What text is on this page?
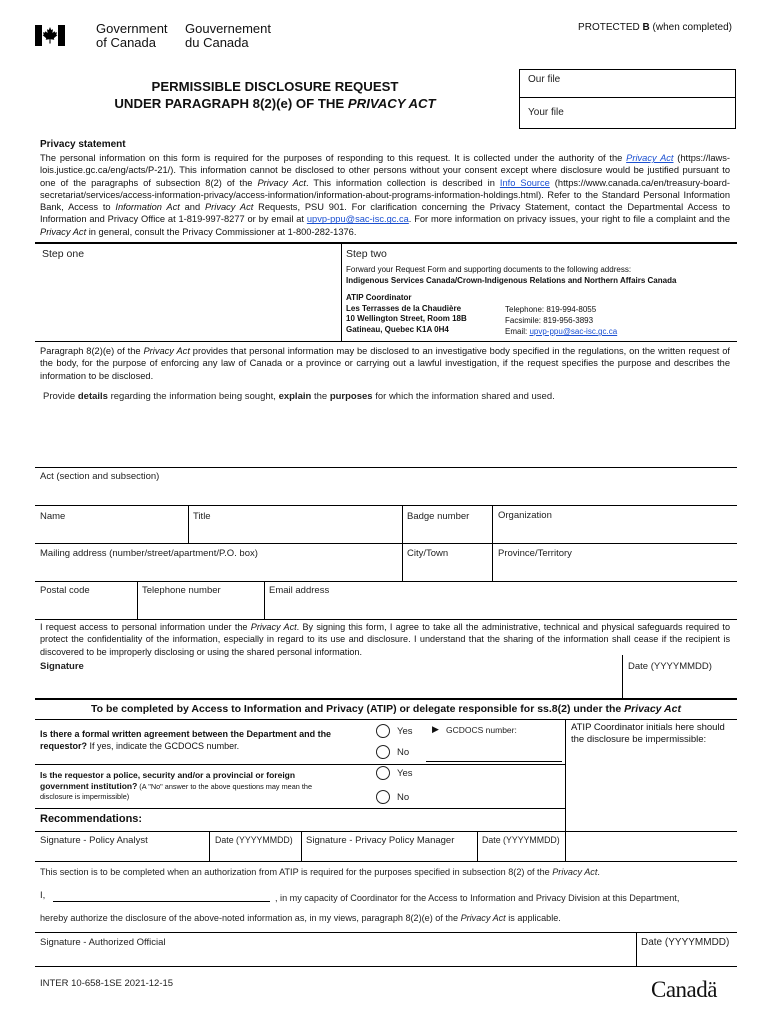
Government
of Canada
Gouvernement
du Canada
PROTECTED B (when completed)
PERMISSIBLE DISCLOSURE REQUEST
UNDER PARAGRAPH 8(2)(e) OF THE PRIVACY ACT
Our file
Your file
Privacy statement
The personal information on this form is required for the purposes of responding to this request. It is collected under the authority of the Privacy Act (https://laws-lois.justice.gc.ca/eng/acts/P-21/). This information cannot be disclosed to other persons without your consent except where disclosure would be justified pursuant to one of the paragraphs of subsection 8(2) of the Privacy Act. This information collection is described in Info Source (https://www.canada.ca/en/treasury-board-secretariat/services/access-information-privacy/access-information/information-about-programs-information-holdings.html). Refer to the Standard Personal Information Bank, Access to Information Act and Privacy Act Requests, PSU 901. For clarification concerning the Privacy Statement, contact the Departmental Access to Information and Privacy Office at 1-819-997-8277 or by email at upvp-ppu@sac-isc.gc.ca. For more information on privacy issues, your right to file a complaint and the Privacy Act in general, consult the Privacy Commissioner at 1-800-282-1376.
Step one	Step two
Forward your Request Form and supporting documents to the following address:
Indigenous Services Canada/Crown-Indigenous Relations and Northern Affairs Canada
ATIP Coordinator
Les Terrasses de la Chaudière
10 Wellington Street, Room 18B
Gatineau, Quebec K1A 0H4
Telephone: 819-994-8055
Facsimile: 819-956-3893
Email: upvp-ppu@sac-isc.gc.ca
Paragraph 8(2)(e) of the Privacy Act provides that personal information may be disclosed to an investigative body specified in the regulations, on the written request of the body, for the purpose of enforcing any law of Canada or a province or carrying out a lawful investigation, if the request specifies the purpose and describes the information to be disclosed.
Provide details regarding the information being sought, explain the purposes for which the information shared and used.
Act (section and subsection)
Name	Title	Badge number	Organization
Mailing address (number/street/apartment/P.O. box)	City/Town	Province/Territory
Postal code	Telephone number	Email address
I request access to personal information under the Privacy Act. By signing this form, I agree to take all the administrative, technical and physical safeguards required to protect the confidentiality of the information, especially in regard to its use and disclosure. I understand that the sharing of the information shall cease if the recipient is discovered to be improperly disclosing or using the shared personal information.
Signature	Date (YYYYMMDD)
To be completed by Access to Information and Privacy (ATIP) or delegate responsible for ss.8(2) under the Privacy Act
Is there a formal written agreement between the Department and the requestor? If yes, indicate the GCDOCS number.
Yes
No
▶ GCDOCS number:	ATIP Coordinator initials here should the disclosure be impermissible:
Is the requestor a police, security and/or a provincial or foreign government institution? (A "No" answer to the above questions may mean the disclosure is impermissible)
Yes
No
Recommendations:
Signature - Policy Analyst	Date (YYYYMMDD) Signature - Privacy Policy Manager	Date (YYYYMMDD)
This section is to be completed when an authorization from ATIP is required for the purposes specified in subsection 8(2) of the Privacy Act.
I,	, in my capacity of Coordinator for the Access to Information and Privacy Division at this Department,
hereby authorize the disclosure of the above-noted information as, in my views, paragraph 8(2)(e) of the Privacy Act is applicable.
Signature - Authorized Official	Date (YYYYMMDD)
INTER 10-658-1SE 2021-12-15	Canadä
